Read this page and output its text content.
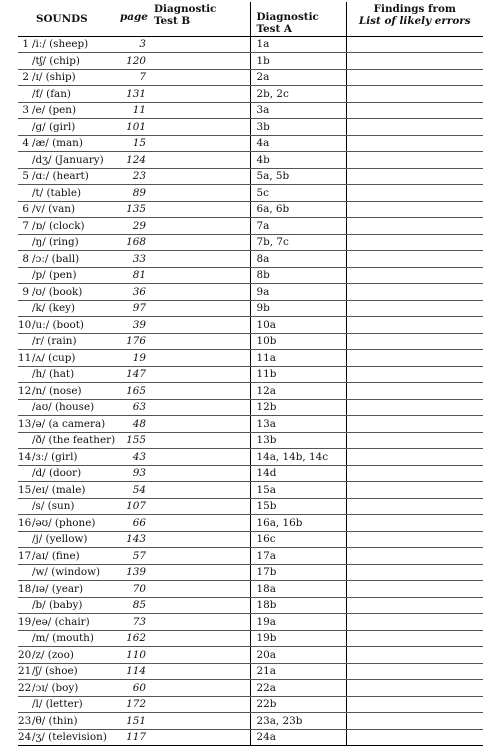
SOUNDS		page	Diagnostic
Test B	Diagnostic Test A	Findings from
List of likely errors
1	/iː/ (sheep)	3		1a	
	/tʃ/ (chip)	120		1b	
2	/ɪ/ (ship)	7		2a	
	/f/ (fan)	131		2b, 2c	
3	/e/ (pen)	11		3a	
	/g/ (girl)	101		3b	
4	/æ/ (man)	15		4a	
	/dʒ/ (January)	124		4b	
5	/ɑː/ (heart)	23		5a, 5b	
	/t/ (table)	89		5c	
6	/v/ (van)	135		6a, 6b	
7	/ɒ/ (clock)	29		7a	
	/ŋ/ (ring)	168		7b, 7c	
8	/ɔː/ (ball)	33		8a	
	/p/ (pen)	81		8b	
9	/ʊ/ (book)	36		9a	
	/k/ (key)	97		9b	
10	/uː/ (boot)	39		10a	
	/r/ (rain)	176		10b	
11	/ʌ/ (cup)	19		11a	
	/h/ (hat)	147		11b	
12	/n/ (nose)	165		12a	
	/aʊ/ (house)	63		12b	
13	/ə/ (a camera)	48		13a	
	/ð/ (the feather)	155		13b	
14	/ɜː/ (girl)	43		14a, 14b, 14c	
	/d/ (door)	93		14d	
15	/eɪ/ (male)	54		15a	
	/s/ (sun)	107		15b	
16	/əʊ/ (phone)	66		16a, 16b	
	/j/ (yellow)	143		16c	
17	/aɪ/ (fine)	57		17a	
	/w/ (window)	139		17b	
18	/ɪə/ (year)	70		18a	
	/b/ (baby)	85		18b	
19	/eə/ (chair)	73		19a	
	/m/ (mouth)	162		19b	
20	/z/ (zoo)	110		20a	
21	/ʃ/ (shoe)	114		21a	
22	/ɔɪ/ (boy)	60		22a	
	/l/ (letter)	172		22b	
23	/θ/ (thin)	151		23a, 23b	
24	/ʒ/ (television)	117		24a	
